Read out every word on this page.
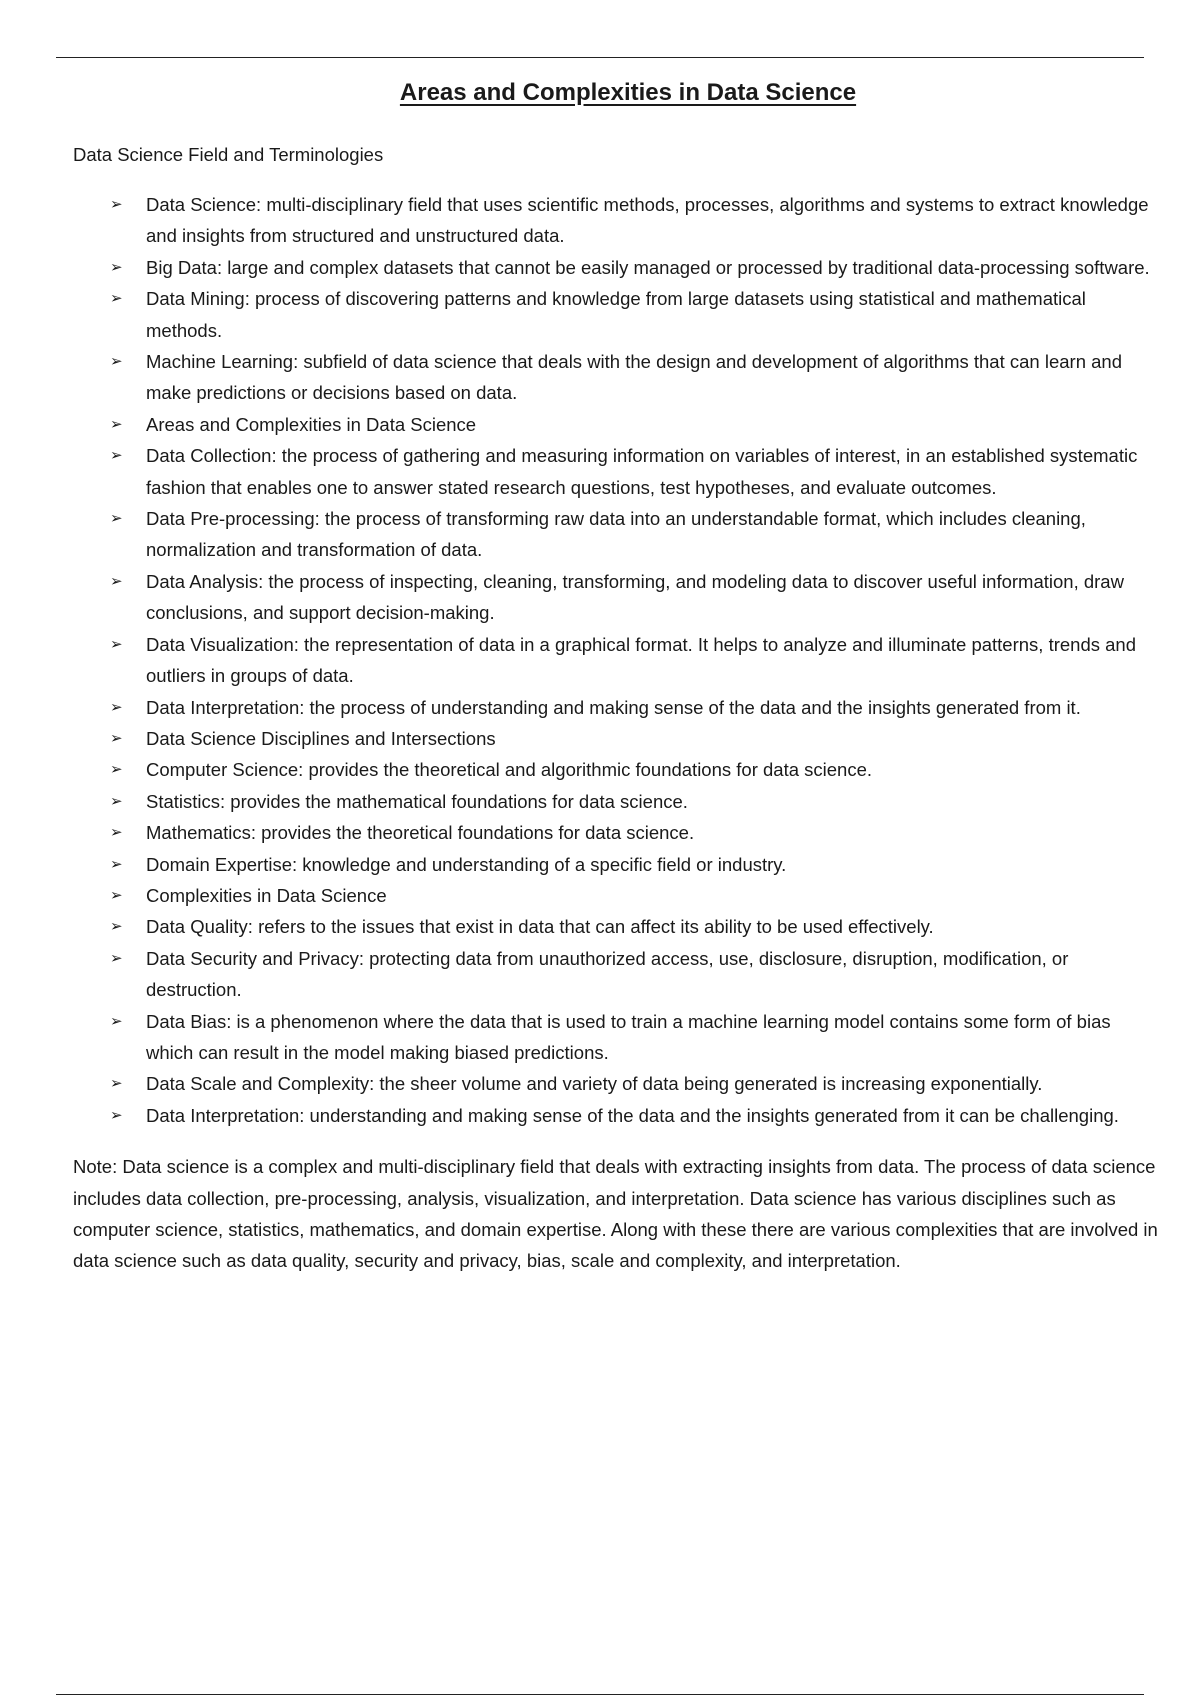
Areas and Complexities in Data Science

Data Science Field and Terminologies

➢ Data Science: multi-disciplinary field that uses scientific methods, processes, algorithms and systems to extract knowledge and insights from structured and unstructured data.
➢ Big Data: large and complex datasets that cannot be easily managed or processed by traditional data-processing software.
➢ Data Mining: process of discovering patterns and knowledge from large datasets using statistical and mathematical methods.
➢ Machine Learning: subfield of data science that deals with the design and development of algorithms that can learn and make predictions or decisions based on data.
➢ Areas and Complexities in Data Science
➢ Data Collection: the process of gathering and measuring information on variables of interest, in an established systematic fashion that enables one to answer stated research questions, test hypotheses, and evaluate outcomes.
➢ Data Pre-processing: the process of transforming raw data into an understandable format, which includes cleaning, normalization and transformation of data.
➢ Data Analysis: the process of inspecting, cleaning, transforming, and modeling data to discover useful information, draw conclusions, and support decision-making.
➢ Data Visualization: the representation of data in a graphical format. It helps to analyze and illuminate patterns, trends and outliers in groups of data.
➢ Data Interpretation: the process of understanding and making sense of the data and the insights generated from it.
➢ Data Science Disciplines and Intersections
➢ Computer Science: provides the theoretical and algorithmic foundations for data science.
➢ Statistics: provides the mathematical foundations for data science.
➢ Mathematics: provides the theoretical foundations for data science.
➢ Domain Expertise: knowledge and understanding of a specific field or industry.
➢ Complexities in Data Science
➢ Data Quality: refers to the issues that exist in data that can affect its ability to be used effectively.
➢ Data Security and Privacy: protecting data from unauthorized access, use, disclosure, disruption, modification, or destruction.
➢ Data Bias: is a phenomenon where the data that is used to train a machine learning model contains some form of bias which can result in the model making biased predictions.
➢ Data Scale and Complexity: the sheer volume and variety of data being generated is increasing exponentially.
➢ Data Interpretation: understanding and making sense of the data and the insights generated from it can be challenging.

Note: Data science is a complex and multi-disciplinary field that deals with extracting insights from data. The process of data science includes data collection, pre-processing, analysis, visualization, and interpretation. Data science has various disciplines such as computer science, statistics, mathematics, and domain expertise. Along with these there are various complexities that are involved in data science such as data quality, security and privacy, bias, scale and complexity, and interpretation.
